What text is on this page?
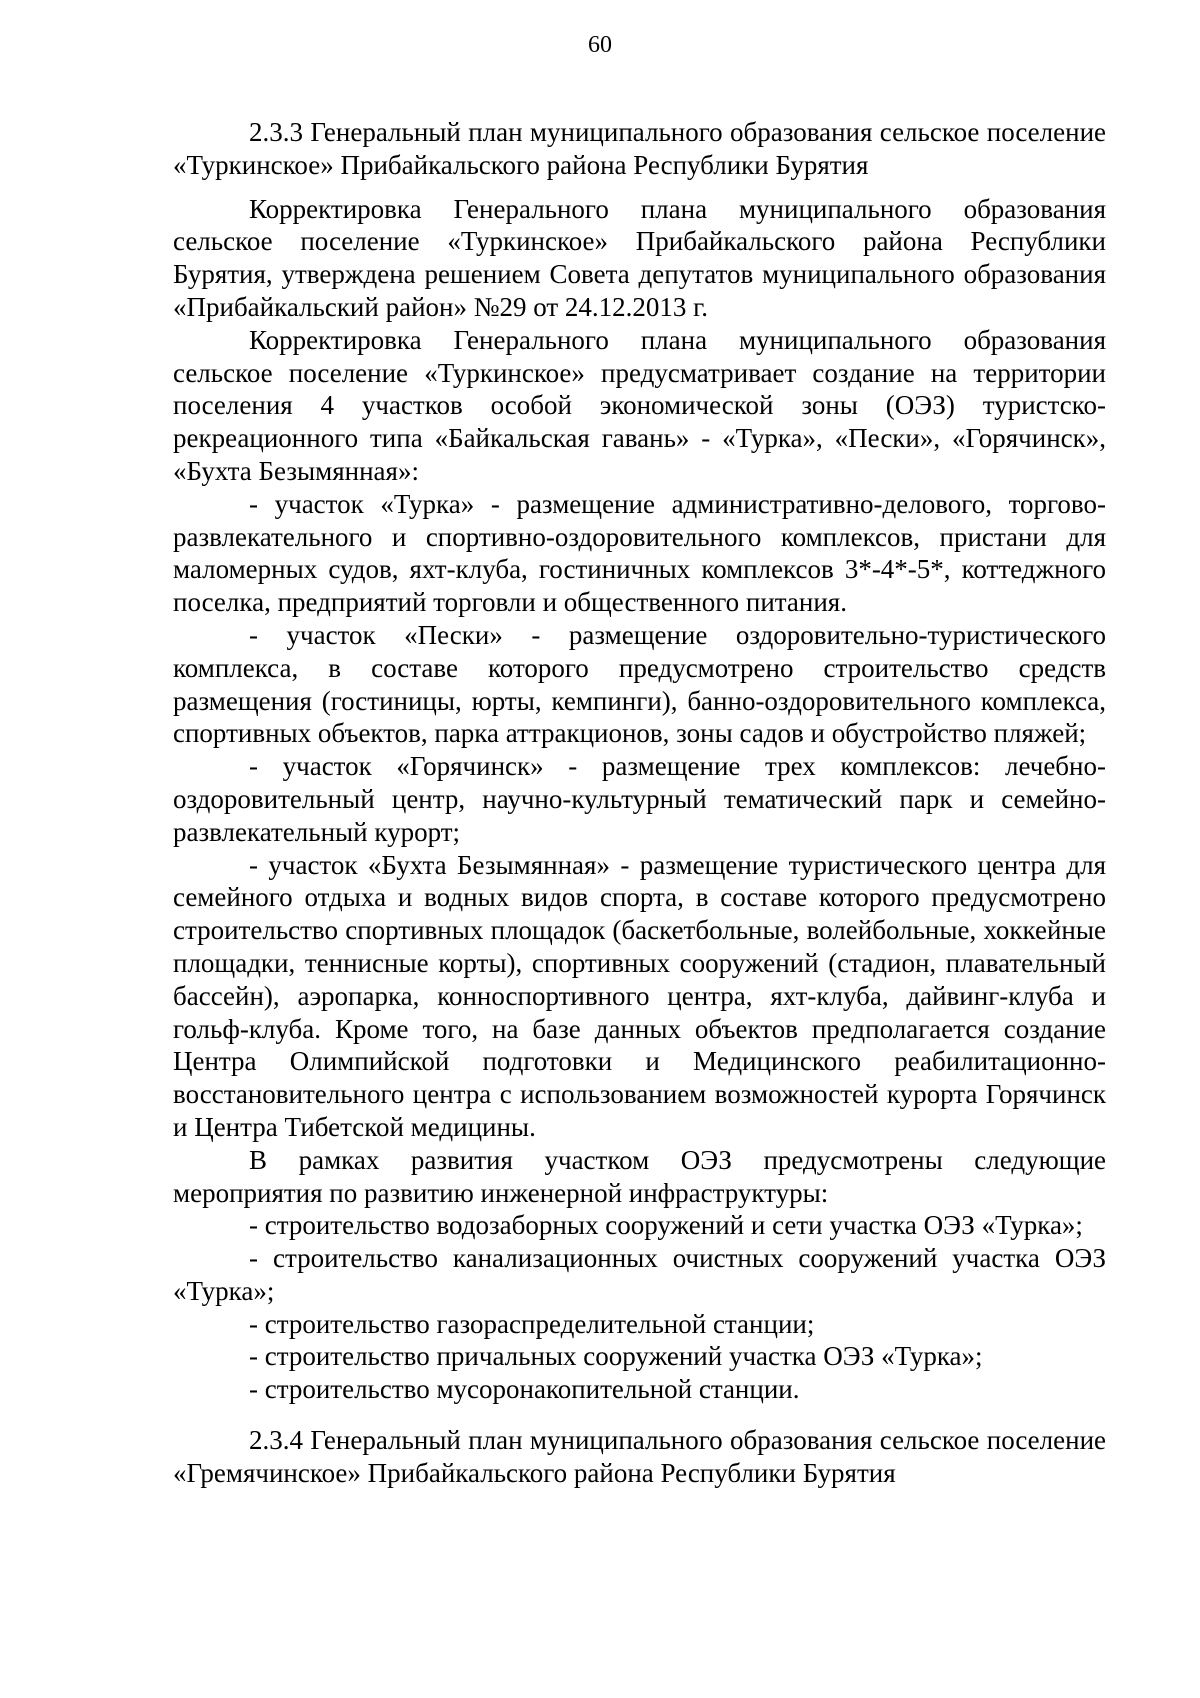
60

2.3.3 Генеральный план муниципального образования сельское поселение «Туркинское» Прибайкальского района Республики Бурятия

Корректировка Генерального плана муниципального образования сельское поселение «Туркинское» Прибайкальского района Республики Бурятия, утверждена решением Совета депутатов муниципального образования «Прибайкальский район» №29 от 24.12.2013 г.

Корректировка Генерального плана муниципального образования сельское поселение «Туркинское» предусматривает создание на территории поселения 4 участков особой экономической зоны (ОЭЗ) туристско-рекреационного типа «Байкальская гавань» - «Турка», «Пески», «Горячинск», «Бухта Безымянная»:

- участок «Турка» - размещение административно-делового, торгово-развлекательного и спортивно-оздоровительного комплексов, пристани для маломерных судов, яхт-клуба, гостиничных комплексов 3*-4*-5*, коттеджного поселка, предприятий торговли и общественного питания.

- участок «Пески» - размещение оздоровительно-туристического комплекса, в составе которого предусмотрено строительство средств размещения (гостиницы, юрты, кемпинги), банно-оздоровительного комплекса, спортивных объектов, парка аттракционов, зоны садов и обустройство пляжей;

- участок «Горячинск» - размещение трех комплексов: лечебно-оздоровительный центр, научно-культурный тематический парк и семейно-развлекательный курорт;

- участок «Бухта Безымянная» - размещение туристического центра для семейного отдыха и водных видов спорта, в составе которого предусмотрено строительство спортивных площадок (баскетбольные, волейбольные, хоккейные площадки, теннисные корты), спортивных сооружений (стадион, плавательный бассейн), аэропарка, конноспортивного центра, яхт-клуба, дайвинг-клуба и гольф-клуба. Кроме того, на базе данных объектов предполагается создание Центра Олимпийской подготовки и Медицинского реабилитационно-восстановительного центра с использованием возможностей курорта Горячинск и Центра Тибетской медицины.

В рамках развития участком ОЭЗ предусмотрены следующие мероприятия по развитию инженерной инфраструктуры:

- строительство водозаборных сооружений и сети участка ОЭЗ «Турка»;

- строительство канализационных очистных сооружений участка ОЭЗ «Турка»;

- строительство газораспределительной станции;

- строительство причальных сооружений участка ОЭЗ «Турка»;

- строительство мусоронакопительной станции.

2.3.4 Генеральный план муниципального образования сельское поселение «Гремячинское» Прибайкальского района Республики Бурятия
